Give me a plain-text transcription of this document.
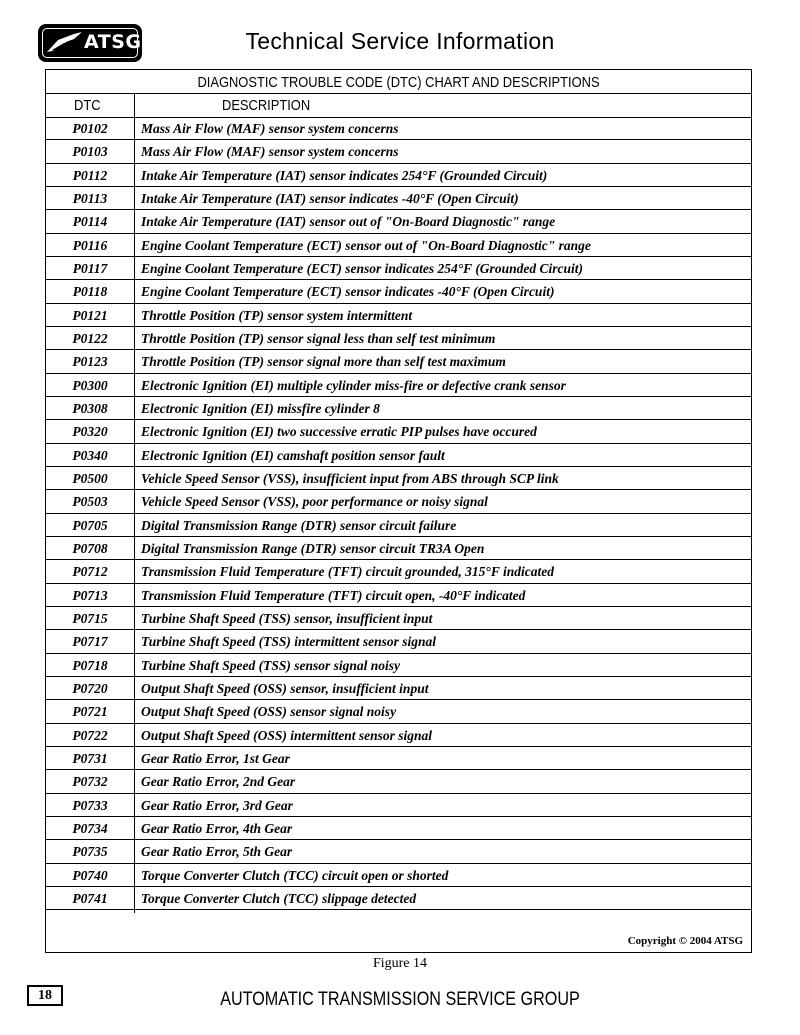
ATSG	Technical Service Information
DIAGNOSTIC TROUBLE CODE (DTC) CHART AND DESCRIPTIONS
DTC	DESCRIPTION
P0102	Mass Air Flow (MAF) sensor system concerns
P0103	Mass Air Flow (MAF) sensor system concerns
P0112	Intake Air Temperature (IAT) sensor indicates 254°F (Grounded Circuit)
P0113	Intake Air Temperature (IAT) sensor indicates -40°F (Open Circuit)
P0114	Intake Air Temperature (IAT) sensor out of "On-Board Diagnostic" range
P0116	Engine Coolant Temperature (ECT) sensor out of "On-Board Diagnostic" range
P0117	Engine Coolant Temperature (ECT) sensor indicates 254°F (Grounded Circuit)
P0118	Engine Coolant Temperature (ECT) sensor indicates -40°F (Open Circuit)
P0121	Throttle Position (TP) sensor system intermittent
P0122	Throttle Position (TP) sensor signal less than self test minimum
P0123	Throttle Position (TP) sensor signal more than self test maximum
P0300	Electronic Ignition (EI) multiple cylinder miss-fire or defective crank sensor
P0308	Electronic Ignition (EI) missfire cylinder 8
P0320	Electronic Ignition (EI) two successive erratic PIP pulses have occured
P0340	Electronic Ignition (EI) camshaft position sensor fault
P0500	Vehicle Speed Sensor (VSS), insufficient input from ABS through SCP link
P0503	Vehicle Speed Sensor (VSS), poor performance or noisy signal
P0705	Digital Transmission Range (DTR) sensor circuit failure
P0708	Digital Transmission Range (DTR) sensor circuit TR3A Open
P0712	Transmission Fluid Temperature (TFT) circuit grounded, 315°F indicated
P0713	Transmission Fluid Temperature (TFT) circuit open, -40°F indicated
P0715	Turbine Shaft Speed (TSS) sensor, insufficient input
P0717	Turbine Shaft Speed (TSS) intermittent sensor signal
P0718	Turbine Shaft Speed (TSS) sensor signal noisy
P0720	Output Shaft Speed (OSS) sensor, insufficient input
P0721	Output Shaft Speed (OSS) sensor signal noisy
P0722	Output Shaft Speed (OSS) intermittent sensor signal
P0731	Gear Ratio Error, 1st Gear
P0732	Gear Ratio Error, 2nd Gear
P0733	Gear Ratio Error, 3rd Gear
P0734	Gear Ratio Error, 4th Gear
P0735	Gear Ratio Error, 5th Gear
P0740	Torque Converter Clutch (TCC) circuit open or shorted
P0741	Torque Converter Clutch (TCC) slippage detected
Copyright © 2004 ATSG
Figure 14
18	AUTOMATIC TRANSMISSION SERVICE GROUP
